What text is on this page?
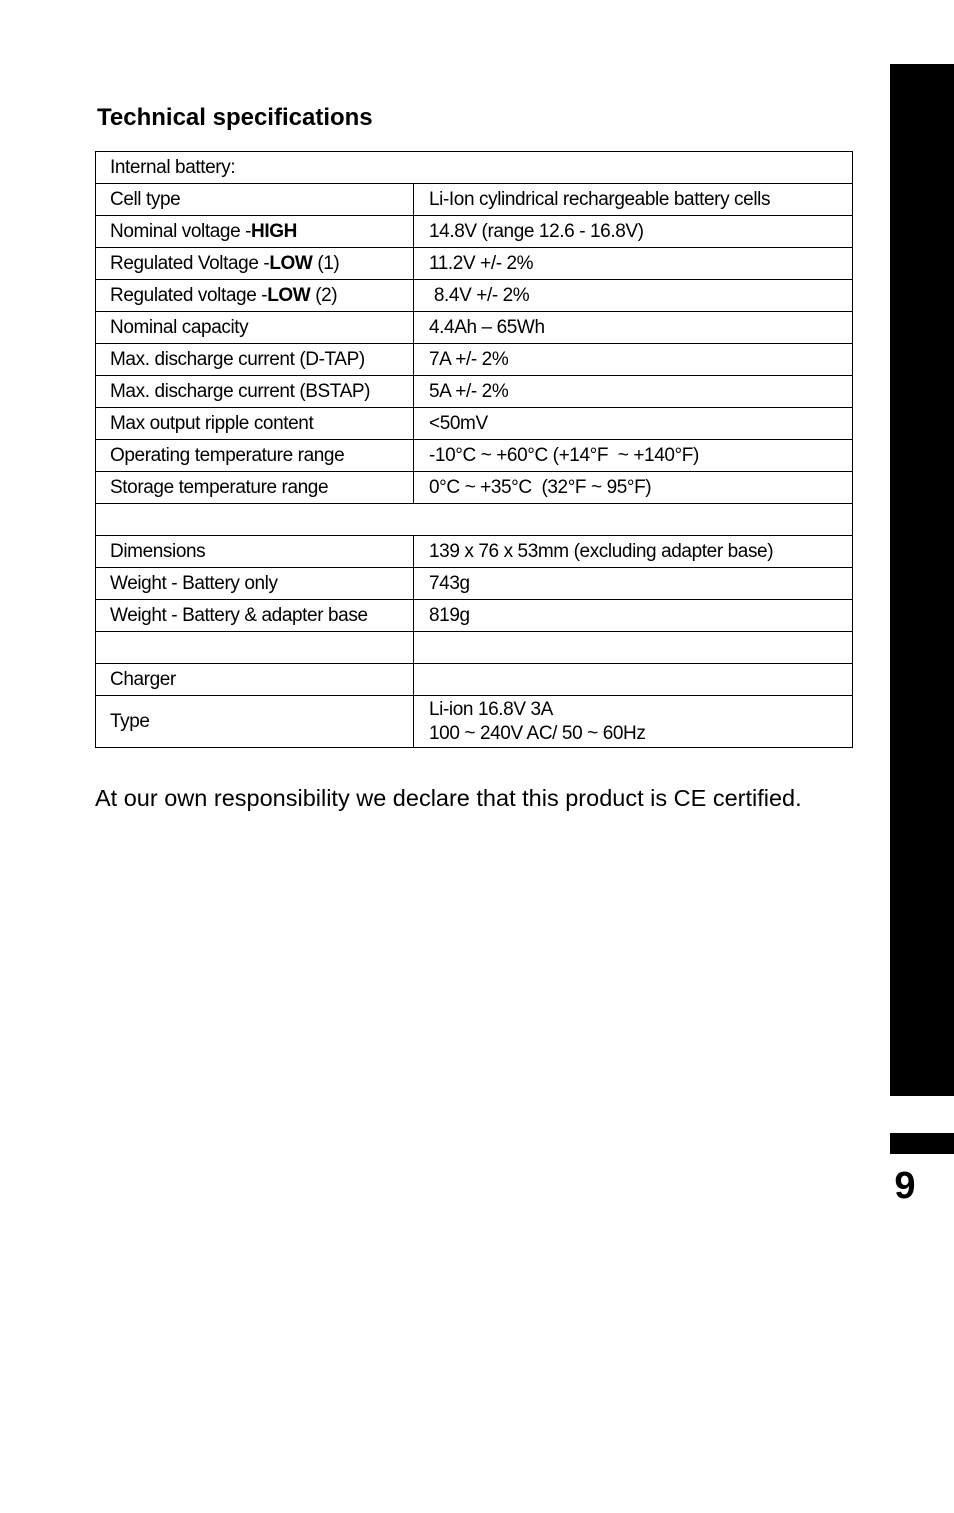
9
Technical specifications
Internal battery:	
Cell type	Li-Ion cylindrical rechargeable battery cells
Nominal voltage -HIGH	14.8V (range 12.6 - 16.8V)
Regulated Voltage -LOW (1)	11.2V +/- 2%
Regulated voltage -LOW (2)	8.4V +/- 2%
Nominal capacity	4.4Ah – 65Wh
Max. discharge current (D-TAP)	7A +/- 2%
Max. discharge current (BSTAP)	5A +/- 2%
Max output ripple content	<50mV
Operating temperature range	-10°C ~ +60°C (+14°F  ~ +140°F)
Storage temperature range	0°C ~ +35°C  (32°F ~ 95°F)

Dimensions	139 x 76 x 53mm (excluding adapter base)
Weight - Battery only	743g
Weight - Battery & adapter base	819g

Charger	
Type	Li-ion 16.8V 3A
100 ~ 240V AC/ 50 ~ 60Hz

At our own responsibility we declare that this product is CE certified.
